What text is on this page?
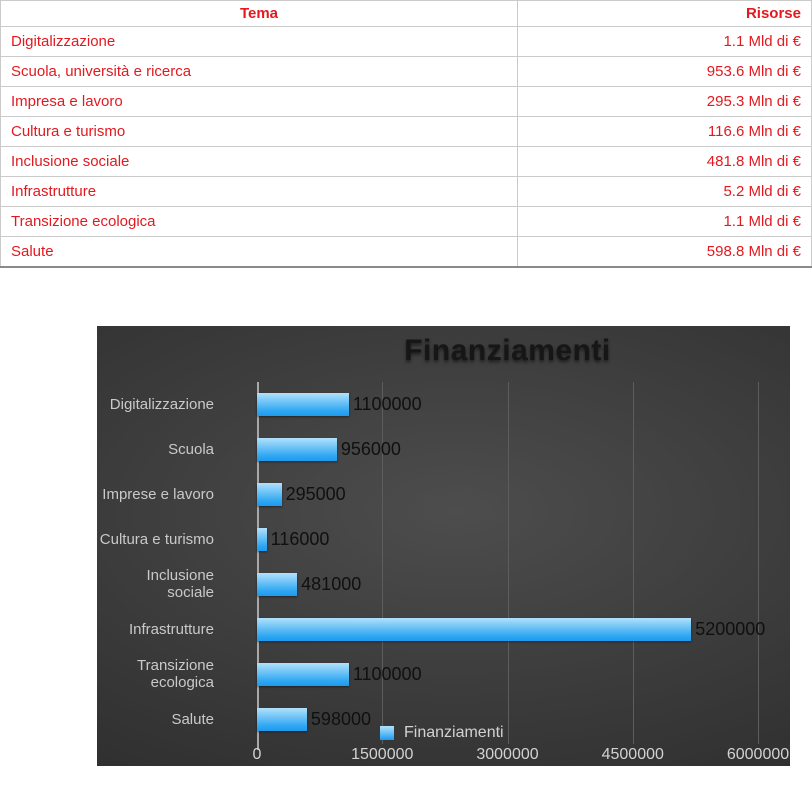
Tema	Risorse
Digitalizzazione	1.1 Mld di €
Scuola, università e ricerca	953.6 Mln di €
Impresa e lavoro	295.3 Mln di €
Cultura e turismo	116.6 Mln di €
Inclusione sociale	481.8 Mln di €
Infrastrutture	5.2 Mld di €
Transizione ecologica	1.1 Mld di €
Salute	598.8 Mln di €
Finanziamenti
0	1500000	3000000	4500000	6000000
Digitalizzazione	1100000
Scuola	956000
Imprese e lavoro	295000
Cultura e turismo	116000
Inclusione sociale	481000
Infrastrutture	5200000
Transizione ecologica	1100000
Salute	598000
Finanziamenti
